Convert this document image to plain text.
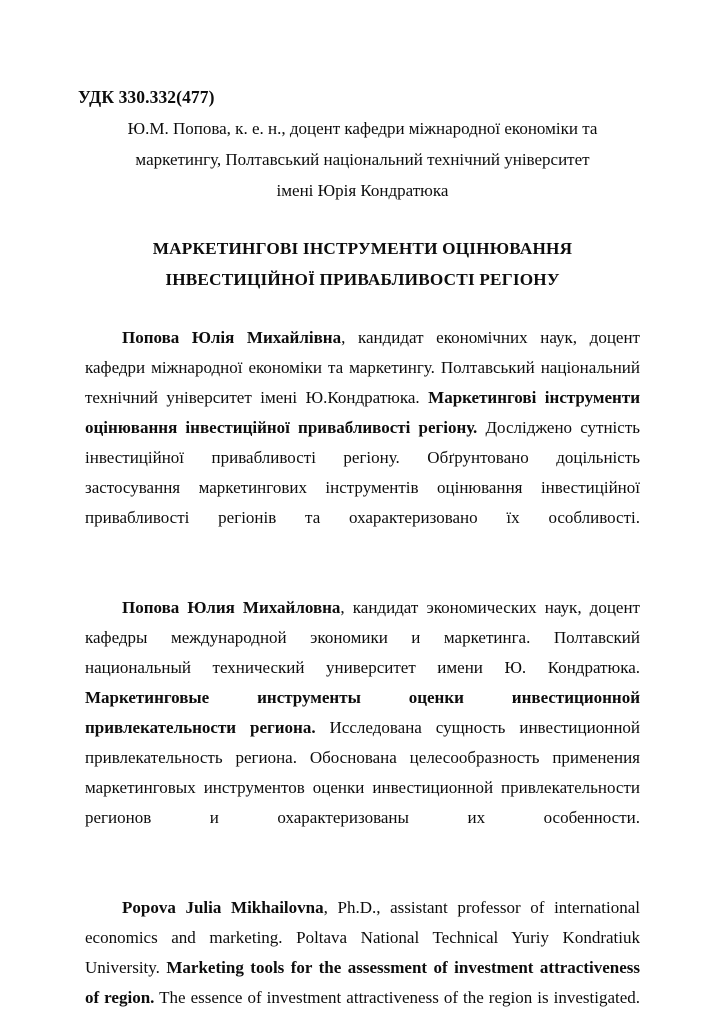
УДК 330.332(477)
Ю.М. Попова, к. е. н., доцент кафедри міжнародної економіки та
маркетингу, Полтавський національний технічний університет
імені Юрія Кондратюка
МАРКЕТИНГОВІ ІНСТРУМЕНТИ ОЦІНЮВАННЯ
ІНВЕСТИЦІЙНОЇ ПРИВАБЛИВОСТІ РЕГІОНУ

Попова Юлія Михайлівна, кандидат економічних наук, доцент кафедри міжнародної економіки та маркетингу. Полтавський національний технічний університет імені Ю.Кондратюка. Маркетингові інструменти оцінювання інвестиційної привабливості регіону. Досліджено сутність інвестиційної привабливості регіону. Обґрунтовано доцільність застосування маркетингових інструментів оцінювання інвестиційної привабливості регіонів та охарактеризовано їх особливості.

Попова Юлия Михайловна, кандидат экономических наук, доцент кафедры международной экономики и маркетинга. Полтавский национальный технический университет имени Ю. Кондратюка. Маркетинговые инструменты оценки инвестиционной привлекательности региона. Исследована сущность инвестиционной привлекательность региона. Обоснована целесообразность применения маркетинговых инструментов оценки инвестиционной привлекательности регионов и охарактеризованы их особенности.

Popova Julia Mikhailovna, Ph.D., assistant professor of international economics and marketing. Poltava National Technical Yuriy Kondratiuk University. Marketing tools for the assessment of investment attractiveness of region. The essence of investment attractiveness of the region is investigated.
